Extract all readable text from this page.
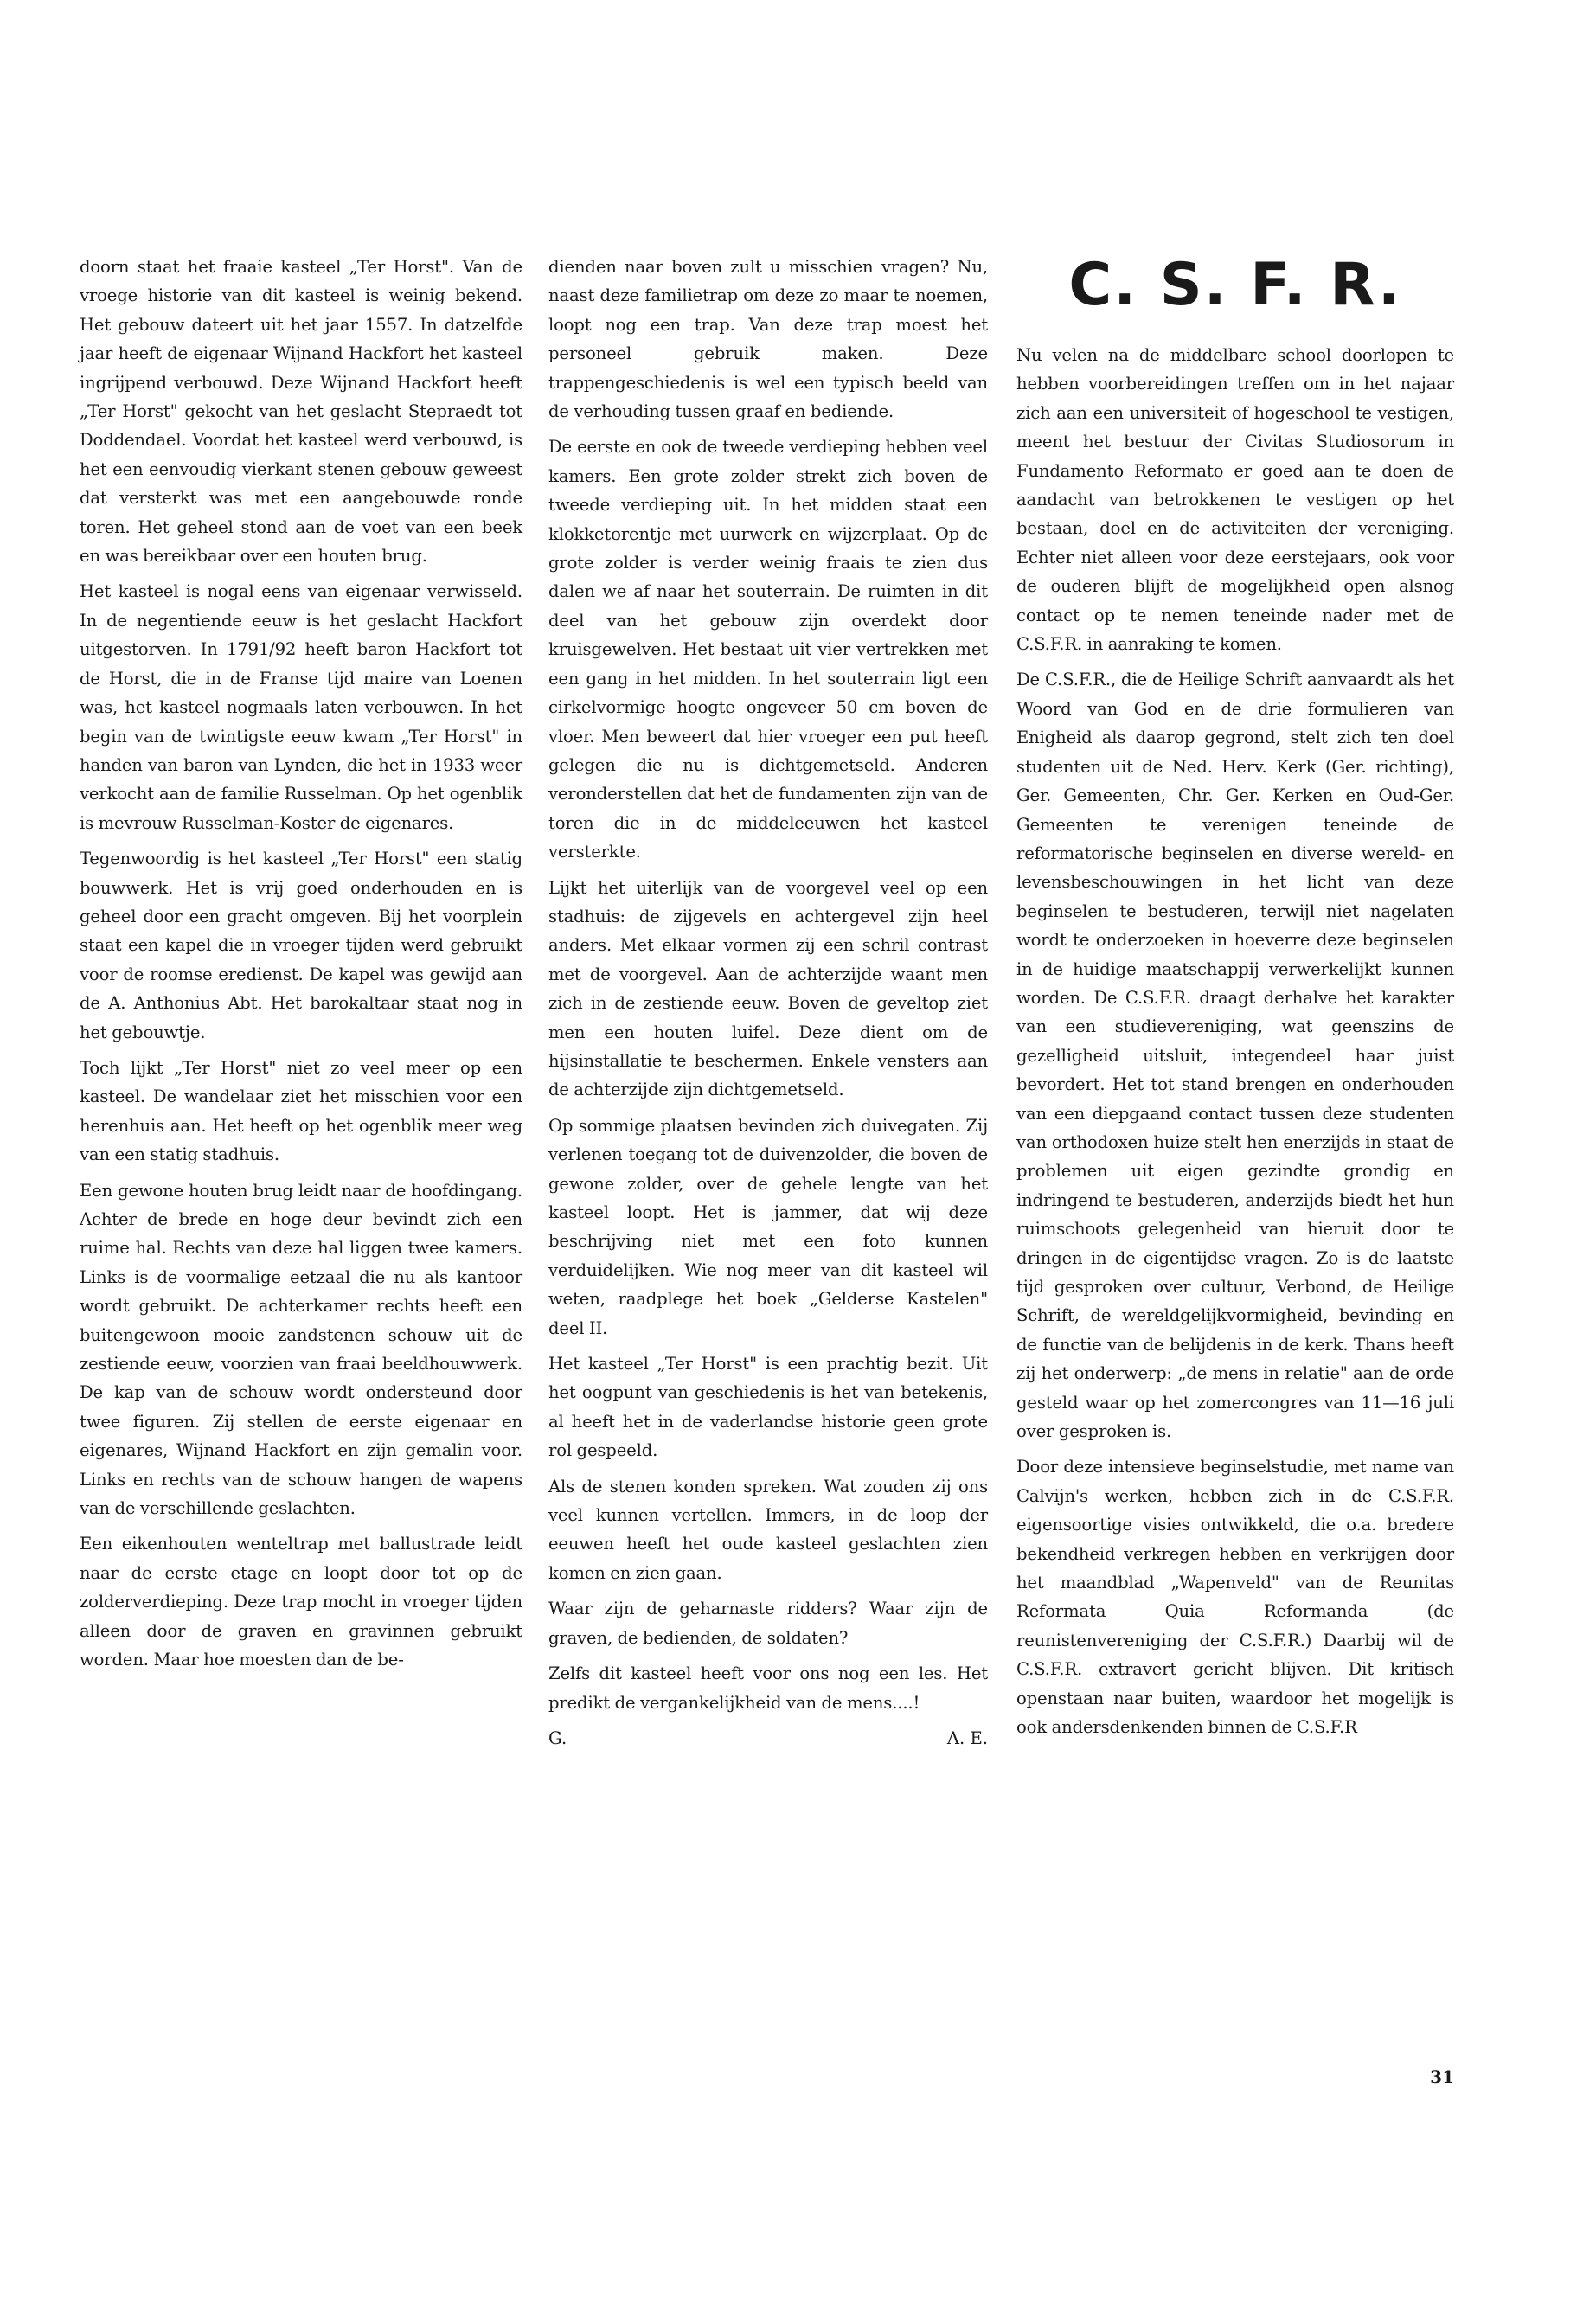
doorn staat het fraaie kasteel „Ter Horst". Van de vroege historie van dit kasteel is weinig bekend. Het gebouw dateert uit het jaar 1557. In datzelfde jaar heeft de eigenaar Wijnand Hackfort het kasteel ingrijpend verbouwd. Deze Wijnand Hackfort heeft „Ter Horst" gekocht van het geslacht Stepraedt tot Doddendael. Voordat het kasteel werd verbouwd, is het een eenvoudig vierkant stenen gebouw geweest dat versterkt was met een aangebouwde ronde toren. Het geheel stond aan de voet van een beek en was bereikbaar over een houten brug.

Het kasteel is nogal eens van eigenaar verwisseld. In de negentiende eeuw is het geslacht Hackfort uitgestorven. In 1791/92 heeft baron Hackfort tot de Horst, die in de Franse tijd maire van Loenen was, het kasteel nogmaals laten verbouwen. In het begin van de twintigste eeuw kwam „Ter Horst" in handen van baron van Lynden, die het in 1933 weer verkocht aan de familie Russelman. Op het ogenblik is mevrouw Russelman-Koster de eigenares.

Tegenwoordig is het kasteel „Ter Horst" een statig bouwwerk. Het is vrij goed onderhouden en is geheel door een gracht omgeven. Bij het voorplein staat een kapel die in vroeger tijden werd gebruikt voor de roomse eredienst. De kapel was gewijd aan de A. Anthonius Abt. Het barokaltaar staat nog in het gebouwtje.

Toch lijkt „Ter Horst" niet zo veel meer op een kasteel. De wandelaar ziet het misschien voor een herenhuis aan. Het heeft op het ogenblik meer weg van een statig stadhuis.

Een gewone houten brug leidt naar de hoofdingang. Achter de brede en hoge deur bevindt zich een ruime hal. Rechts van deze hal liggen twee kamers. Links is de voormalige eetzaal die nu als kantoor wordt gebruikt. De achterkamer rechts heeft een buitengewoon mooie zandstenen schouw uit de zestiende eeuw, voorzien van fraai beeldhouwwerk. De kap van de schouw wordt ondersteund door twee figuren. Zij stellen de eerste eigenaar en eigenares, Wijnand Hackfort en zijn gemalin voor. Links en rechts van de schouw hangen de wapens van de verschillende geslachten.

Een eikenhouten wenteltrap met ballustrade leidt naar de eerste etage en loopt door tot op de zolderverdieping. Deze trap mocht in vroeger tijden alleen door de graven en gravinnen gebruikt worden. Maar hoe moesten dan de be-

dienden naar boven zult u misschien vragen? Nu, naast deze familietrap om deze zo maar te noemen, loopt nog een trap. Van deze trap moest het personeel gebruik maken. Deze trappengeschiedenis is wel een typisch beeld van de verhouding tussen graaf en bediende.

De eerste en ook de tweede verdieping hebben veel kamers. Een grote zolder strekt zich boven de tweede verdieping uit. In het midden staat een klokketorentje met uurwerk en wijzerplaat. Op de grote zolder is verder weinig fraais te zien dus dalen we af naar het souterrain. De ruimten in dit deel van het gebouw zijn overdekt door kruisgewelven. Het bestaat uit vier vertrekken met een gang in het midden. In het souterrain ligt een cirkelvormige hoogte ongeveer 50 cm boven de vloer. Men beweert dat hier vroeger een put heeft gelegen die nu is dichtgemetseld. Anderen veronderstellen dat het de fundamenten zijn van de toren die in de middeleeuwen het kasteel versterkte.

Lijkt het uiterlijk van de voorgevel veel op een stadhuis: de zijgevels en achtergevel zijn heel anders. Met elkaar vormen zij een schril contrast met de voorgevel. Aan de achterzijde waant men zich in de zestiende eeuw. Boven de geveltop ziet men een houten luifel. Deze dient om de hijsinstallatie te beschermen. Enkele vensters aan de achterzijde zijn dichtgemetseld.

Op sommige plaatsen bevinden zich duivegaten. Zij verlenen toegang tot de duivenzolder, die boven de gewone zolder, over de gehele lengte van het kasteel loopt. Het is jammer, dat wij deze beschrijving niet met een foto kunnen verduidelijken. Wie nog meer van dit kasteel wil weten, raadplege het boek „Gelderse Kastelen" deel II.

Het kasteel „Ter Horst" is een prachtig bezit. Uit het oogpunt van geschiedenis is het van betekenis, al heeft het in de vaderlandse historie geen grote rol gespeeld.

Als de stenen konden spreken. Wat zouden zij ons veel kunnen vertellen. Immers, in de loop der eeuwen heeft het oude kasteel geslachten zien komen en zien gaan.

Waar zijn de geharnaste ridders? Waar zijn de graven, de bedienden, de soldaten?

Zelfs dit kasteel heeft voor ons nog een les. Het predikt de vergankelijkheid van de mens....!

G.	A. E.
C. S. F. R.

Nu velen na de middelbare school doorlopen te hebben voorbereidingen treffen om in het najaar zich aan een universiteit of hogeschool te vestigen, meent het bestuur der Civitas Studiosorum in Fundamento Reformato er goed aan te doen de aandacht van betrokkenen te vestigen op het bestaan, doel en de activiteiten der vereniging. Echter niet alleen voor deze eerstejaars, ook voor de ouderen blijft de mogelijkheid open alsnog contact op te nemen teneinde nader met de C.S.F.R. in aanraking te komen.

De C.S.F.R., die de Heilige Schrift aanvaardt als het Woord van God en de drie formulieren van Enigheid als daarop gegrond, stelt zich ten doel studenten uit de Ned. Herv. Kerk (Ger. richting), Ger. Gemeenten, Chr. Ger. Kerken en Oud-Ger. Gemeenten te verenigen teneinde de reformatorische beginselen en diverse wereld- en levensbeschouwingen in het licht van deze beginselen te bestuderen, terwijl niet nagelaten wordt te onderzoeken in hoeverre deze beginselen in de huidige maatschappij verwerkelijkt kunnen worden. De C.S.F.R. draagt derhalve het karakter van een studievereniging, wat geenszins de gezelligheid uitsluit, integendeel haar juist bevordert. Het tot stand brengen en onderhouden van een diepgaand contact tussen deze studenten van orthodoxen huize stelt hen enerzijds in staat de problemen uit eigen gezindte grondig en indringend te bestuderen, anderzijds biedt het hun ruimschoots gelegenheid van hieruit door te dringen in de eigentijdse vragen. Zo is de laatste tijd gesproken over cultuur, Verbond, de Heilige Schrift, de wereldgelijkvormigheid, bevinding en de functie van de belijdenis in de kerk. Thans heeft zij het onderwerp: „de mens in relatie" aan de orde gesteld waar op het zomercongres van 11—16 juli over gesproken is.

Door deze intensieve beginselstudie, met name van Calvijn's werken, hebben zich in de C.S.F.R. eigensoortige visies ontwikkeld, die o.a. bredere bekendheid verkregen hebben en verkrijgen door het maandblad „Wapenveld" van de Reunitas Reformata Quia Reformanda (de reunistenvereniging der C.S.F.R.) Daarbij wil de C.S.F.R. extravert gericht blijven. Dit kritisch openstaan naar buiten, waardoor het mogelijk is ook andersdenkenden binnen de C.S.F.R

31
